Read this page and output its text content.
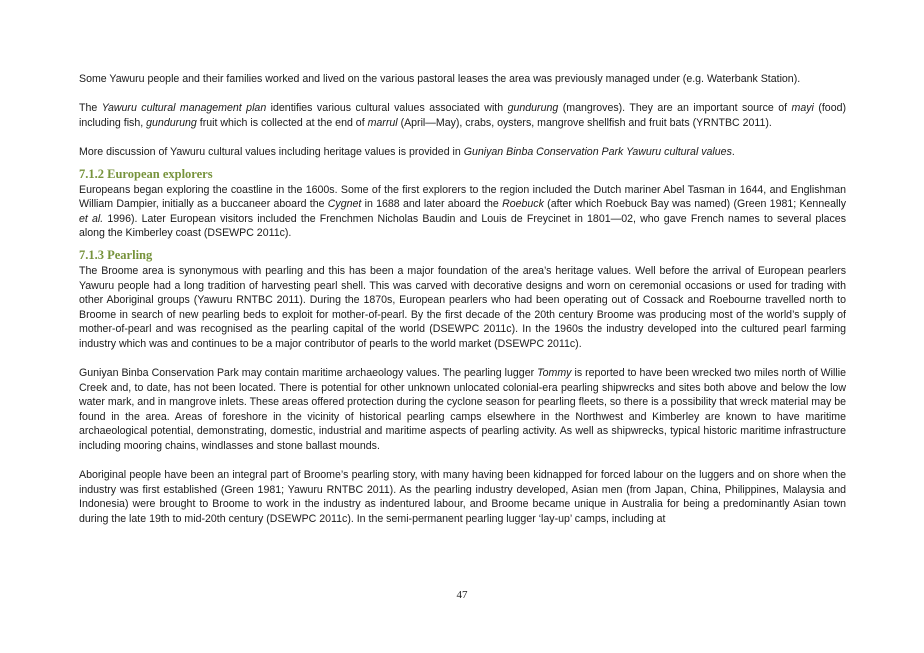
Some Yawuru people and their families worked and lived on the various pastoral leases the area was previously managed under (e.g. Waterbank Station).

The Yawuru cultural management plan identifies various cultural values associated with gundurung (mangroves). They are an important source of mayi (food) including fish, gundurung fruit which is collected at the end of marrul (April—May), crabs, oysters, mangrove shellfish and fruit bats (YRNTBC 2011).

More discussion of Yawuru cultural values including heritage values is provided in Guniyan Binba Conservation Park Yawuru cultural values.

7.1.2 European explorers

Europeans began exploring the coastline in the 1600s. Some of the first explorers to the region included the Dutch mariner Abel Tasman in 1644, and Englishman William Dampier, initially as a buccaneer aboard the Cygnet in 1688 and later aboard the Roebuck (after which Roebuck Bay was named) (Green 1981; Kenneally et al. 1996). Later European visitors included the Frenchmen Nicholas Baudin and Louis de Freycinet in 1801—02, who gave French names to several places along the Kimberley coast (DSEWPC 2011c).

7.1.3 Pearling

The Broome area is synonymous with pearling and this has been a major foundation of the area’s heritage values. Well before the arrival of European pearlers Yawuru people had a long tradition of harvesting pearl shell. This was carved with decorative designs and worn on ceremonial occasions or used for trading with other Aboriginal groups (Yawuru RNTBC 2011). During the 1870s, European pearlers who had been operating out of Cossack and Roebourne travelled north to Broome in search of new pearling beds to exploit for mother-of-pearl. By the first decade of the 20th century Broome was producing most of the world’s supply of mother-of-pearl and was recognised as the pearling capital of the world (DSEWPC 2011c). In the 1960s the industry developed into the cultured pearl farming industry which was and continues to be a major contributor of pearls to the world market (DSEWPC 2011c).

Guniyan Binba Conservation Park may contain maritime archaeology values. The pearling lugger Tommy is reported to have been wrecked two miles north of Willie Creek and, to date, has not been located. There is potential for other unknown unlocated colonial-era pearling shipwrecks and sites both above and below the low water mark, and in mangrove inlets. These areas offered protection during the cyclone season for pearling fleets, so there is a possibility that wreck material may be found in the area. Areas of foreshore in the vicinity of historical pearling camps elsewhere in the Northwest and Kimberley are known to have maritime archaeological potential, demonstrating, domestic, industrial and maritime aspects of pearling activity. As well as shipwrecks, typical historic maritime infrastructure including mooring chains, windlasses and stone ballast mounds.

Aboriginal people have been an integral part of Broome’s pearling story, with many having been kidnapped for forced labour on the luggers and on shore when the industry was first established (Green 1981; Yawuru RNTBC 2011). As the pearling industry developed, Asian men (from Japan, China, Philippines, Malaysia and Indonesia) were brought to Broome to work in the industry as indentured labour, and Broome became unique in Australia for being a predominantly Asian town during the late 19th to mid-20th century (DSEWPC 2011c). In the semi-permanent pearling lugger ‘lay-up’ camps, including at

47
